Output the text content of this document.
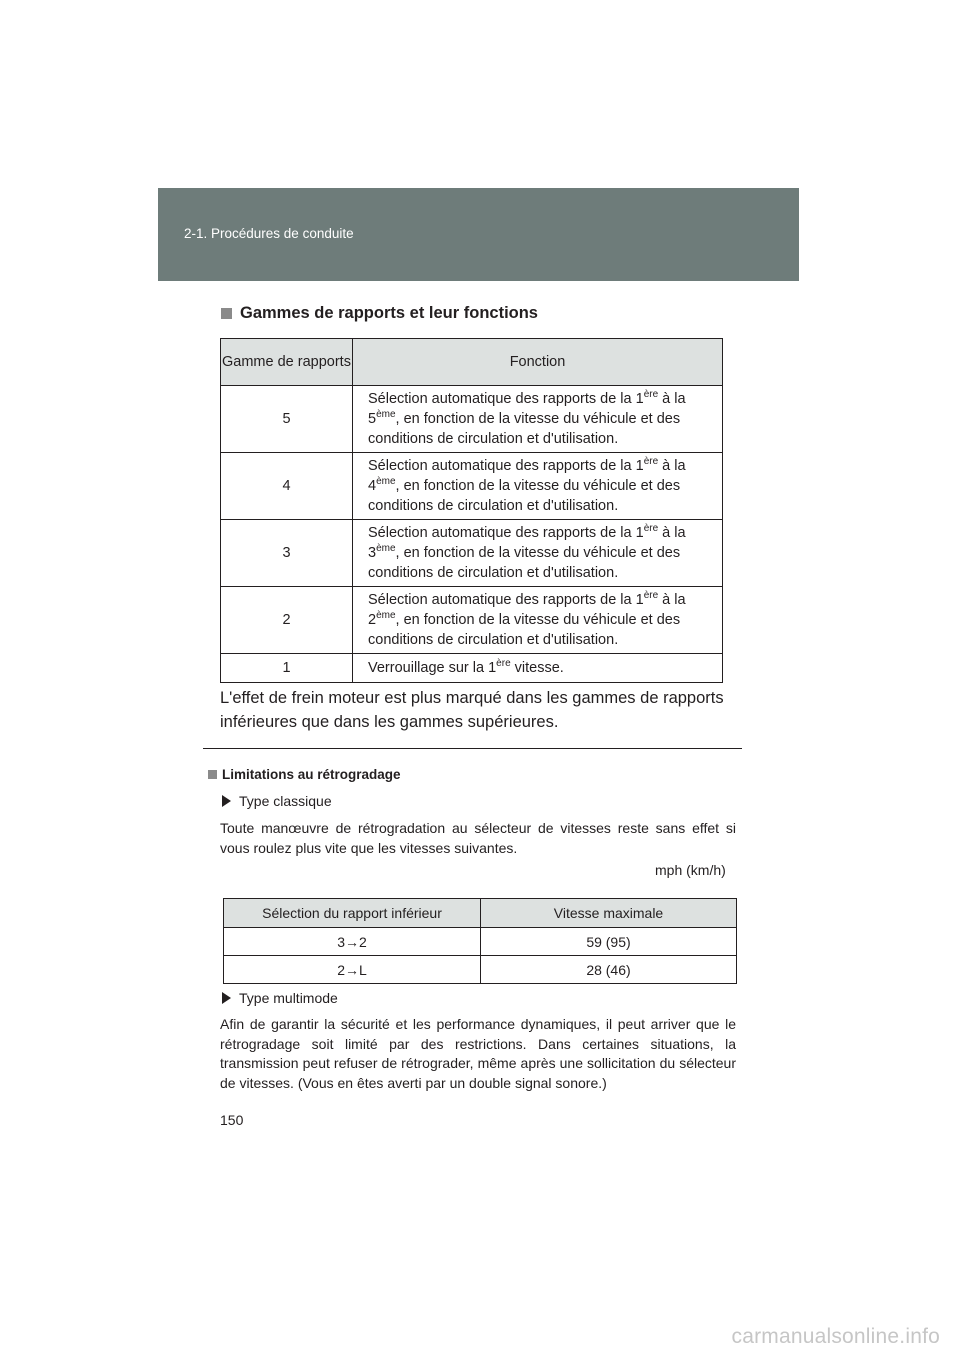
2-1. Procédures de conduite
Gammes de rapports et leur fonctions
Gamme de rapports	Fonction
5	Sélection automatique des rapports de la 1ère à la 5ème, en fonction de la vitesse du véhicule et des conditions de circulation et d'utilisation.
4	Sélection automatique des rapports de la 1ère à la 4ème, en fonction de la vitesse du véhicule et des conditions de circulation et d'utilisation.
3	Sélection automatique des rapports de la 1ère à la 3ème, en fonction de la vitesse du véhicule et des conditions de circulation et d'utilisation.
2	Sélection automatique des rapports de la 1ère à la 2ème, en fonction de la vitesse du véhicule et des conditions de circulation et d'utilisation.
1	Verrouillage sur la 1ère vitesse.
L'effet de frein moteur est plus marqué dans les gammes de rapports inférieures que dans les gammes supérieures.
Limitations au rétrogradage
Type classique
Toute manœuvre de rétrogradation au sélecteur de vitesses reste sans effet si vous roulez plus vite que les vitesses suivantes.
mph (km/h)
Sélection du rapport inférieur	Vitesse maximale
3→2	59 (95)
2→L	28 (46)
Type multimode
Afin de garantir la sécurité et les performance dynamiques, il peut arriver que le rétrogradage soit limité par des restrictions. Dans certaines situations, la transmission peut refuser de rétrograder, même après une sollicitation du sélecteur de vitesses. (Vous en êtes averti par un double signal sonore.)
150
carmanualsonline.info
